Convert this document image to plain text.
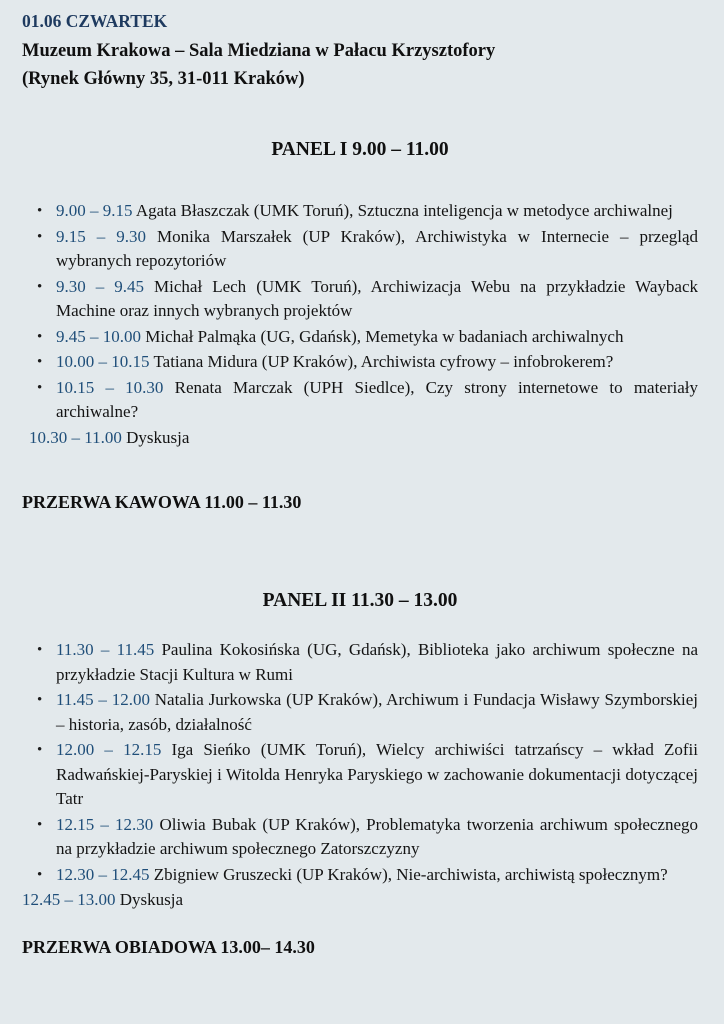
01.06 CZWARTEK

Muzeum Krakowa – Sala Miedziana w Pałacu Krzysztofory

(Rynek Główny 35, 31-011 Kraków)

PANEL I 9.00 – 11.00

• 9.00 – 9.15 Agata Błaszczak (UMK Toruń), Sztuczna inteligencja w metodyce archiwalnej
• 9.15 – 9.30 Monika Marszałek (UP Kraków), Archiwistyka w Internecie – przegląd wybranych repozytoriów
• 9.30 – 9.45 Michał Lech (UMK Toruń), Archiwizacja Webu na przykładzie Wayback Machine oraz innych wybranych projektów
• 9.45 – 10.00 Michał Palmąka (UG, Gdańsk), Memetyka w badaniach archiwalnych
• 10.00 – 10.15 Tatiana Midura (UP Kraków), Archiwista cyfrowy – infobrokerem?
• 10.15 – 10.30 Renata Marczak (UPH Siedlce), Czy strony internetowe to materiały archiwalne?

10.30 – 11.00 Dyskusja

PRZERWA KAWOWA 11.00 – 11.30

PANEL II 11.30 – 13.00

• 11.30 – 11.45 Paulina Kokosińska (UG, Gdańsk), Biblioteka jako archiwum społeczne na przykładzie Stacji Kultura w Rumi
• 11.45 – 12.00 Natalia Jurkowska (UP Kraków), Archiwum i Fundacja Wisławy Szymborskiej – historia, zasób, działalność
• 12.00 – 12.15 Iga Sieńko (UMK Toruń), Wielcy archiwiści tatrzańscy – wkład Zofii Radwańskiej-Paryskiej i Witolda Henryka Paryskiego w zachowanie dokumentacji dotyczącej Tatr
• 12.15 – 12.30 Oliwia Bubak (UP Kraków), Problematyka tworzenia archiwum społecznego na przykładzie archiwum społecznego Zatorszczyzny
• 12.30 – 12.45 Zbigniew Gruszecki (UP Kraków), Nie-archiwista, archiwistą społecznym?

12.45 – 13.00 Dyskusja

PRZERWA OBIADOWA 13.00– 14.30
